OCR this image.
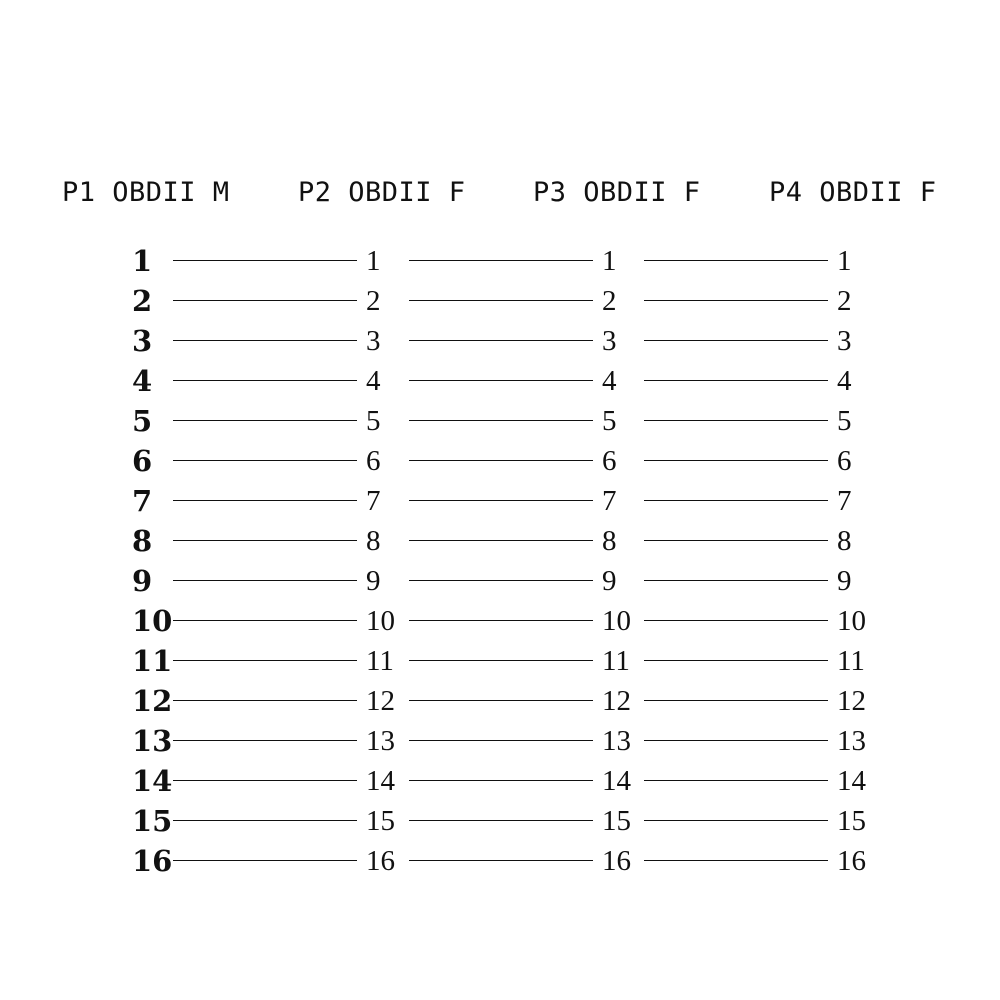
P1 OBDII M	P2 OBDII F P3 OBDII F	P4 OBDII F
1	1	1	1
2	2	2	2
3	3	3	3
4	4	4	4
5	5	5	5
6	6	6	6
7	7	7	7
8	8	8	8
9	9	9	9
10	10	10	10
11	11	11	11
12	12	12	12
13	13	13	13
14	14	14	14
15	15	15	15
16	16	16	16
